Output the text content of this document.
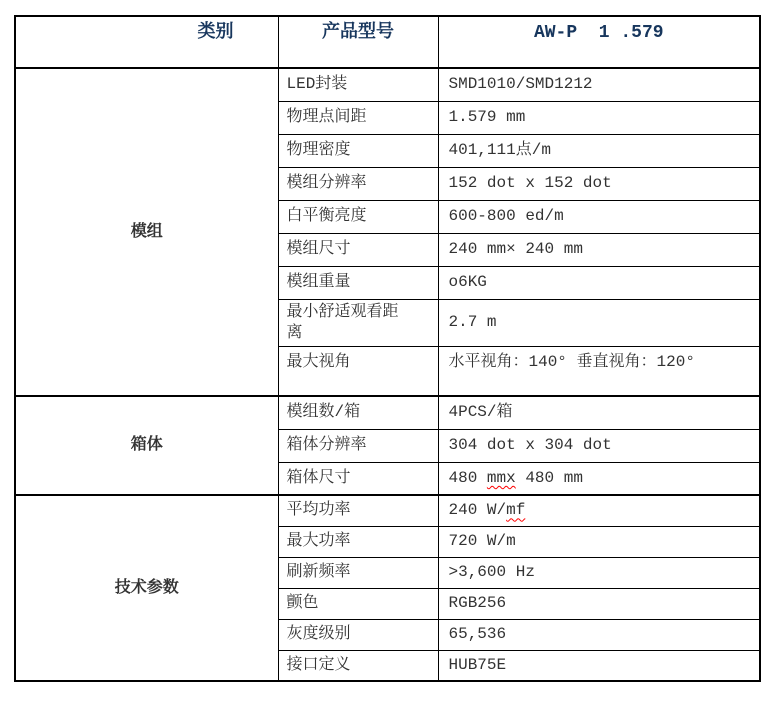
类别	产品型号	AW-P  1 .579
模组	LED封装	SMD1010/SMD1212
	物理点间距	1.579 mm
	物理密度	401,111点/m
	模组分辨率	152 dot x 152 dot
	白平衡亮度	600-800 ed/m
	模组尺寸	240 mm× 240 mm
	模组重量	o6KG
	最小舒适观看距离	2.7 m
	最大视角	水平视角：140° 垂直视角：120°
箱体	模组数/箱	4PCS/箱
	箱体分辨率	304 dot x 304 dot
	箱体尺寸	480 mmx 480 mm
技术参数	平均功率	240 W/mf
	最大功率	720 W/m
	刷新频率	>3,600 Hz
	颤色	RGB256
	灰度级别	65,536
	接口定义	HUB75E
